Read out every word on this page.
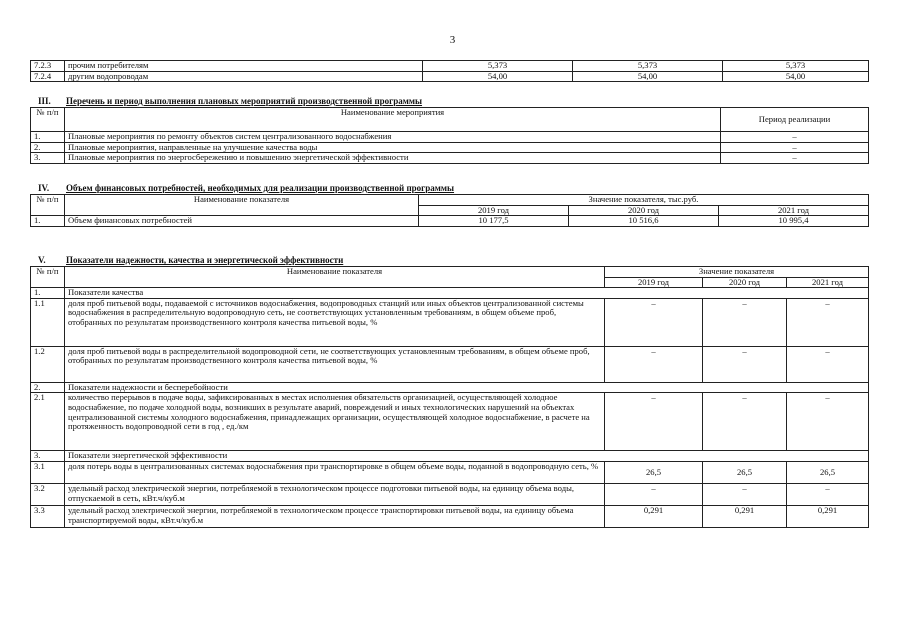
3
7.2.3	прочим потребителям	5,373	5,373	5,373
7.2.4	другим водопроводам	54,00	54,00	54,00
III. Перечень и период выполнения плановых мероприятий производственной программы
№ п/п	Наименование мероприятия	Период реализации
1.	Плановые мероприятия по ремонту объектов систем централизованного водоснабжения	–
2.	Плановые мероприятия, направленные на улучшение качества воды	–
3.	Плановые мероприятия по энергосбережению и повышению энергетической эффективности	–
IV. Объем финансовых потребностей, необходимых для реализации производственной программы
№ п/п	Наименование показателя	Значение показателя, тыс.руб.		
		2019 год	2020 год	2021 год
1.	Объем финансовых потребностей	10 177,5	10 516,6	10 995,4
V. Показатели надежности, качества и энергетической эффективности
№ п/п	Наименование показателя	Значение показателя		
		2019 год	2020 год	2021 год
1.	Показатели качества			
1.1	доля проб питьевой воды, подаваемой с источников водоснабжения, водопроводных станций или иных объектов централизованной системы водоснабжения в распределительную водопроводную сеть, не соответствующих установленным требованиям, в общем объеме проб, отобранных по результатам производственного контроля качества питьевой воды, %	–	–	–
1.2	доля проб питьевой воды в распределительной водопроводной сети, не соответствующих установленным требованиям, в общем объеме проб, отобранных по результатам производственного контроля качества питьевой воды, %	–	–	–
2.	Показатели надежности и бесперебойности			
2.1	количество перерывов в подаче воды, зафиксированных в местах исполнения обязательств организацией, осуществляющей холодное водоснабжение, по подаче холодной воды, возникших в результате аварий, повреждений и иных технологических нарушений на объектах централизованной системы холодного водоснабжения, принадлежащих организации, осуществляющей холодное водоснабжение, в расчете на протяженность водопроводной сети в год , ед./км	–	–	–
3.	Показатели энергетической эффективности			
3.1	доля потерь воды в централизованных системах водоснабжения при транспортировке в общем объеме воды, поданной в водопроводную сеть, %	26,5	26,5	26,5
3.2	удельный расход электрической энергии, потребляемой в технологическом процессе подготовки питьевой воды, на единицу объема воды, отпускаемой в сеть, кВт.ч/куб.м	–	–	–
3.3	удельный расход электрической энергии, потребляемой в технологическом процессе транспортировки питьевой воды, на единицу объема транспортируемой воды, кВт.ч/куб.м	0,291	0,291	0,291
